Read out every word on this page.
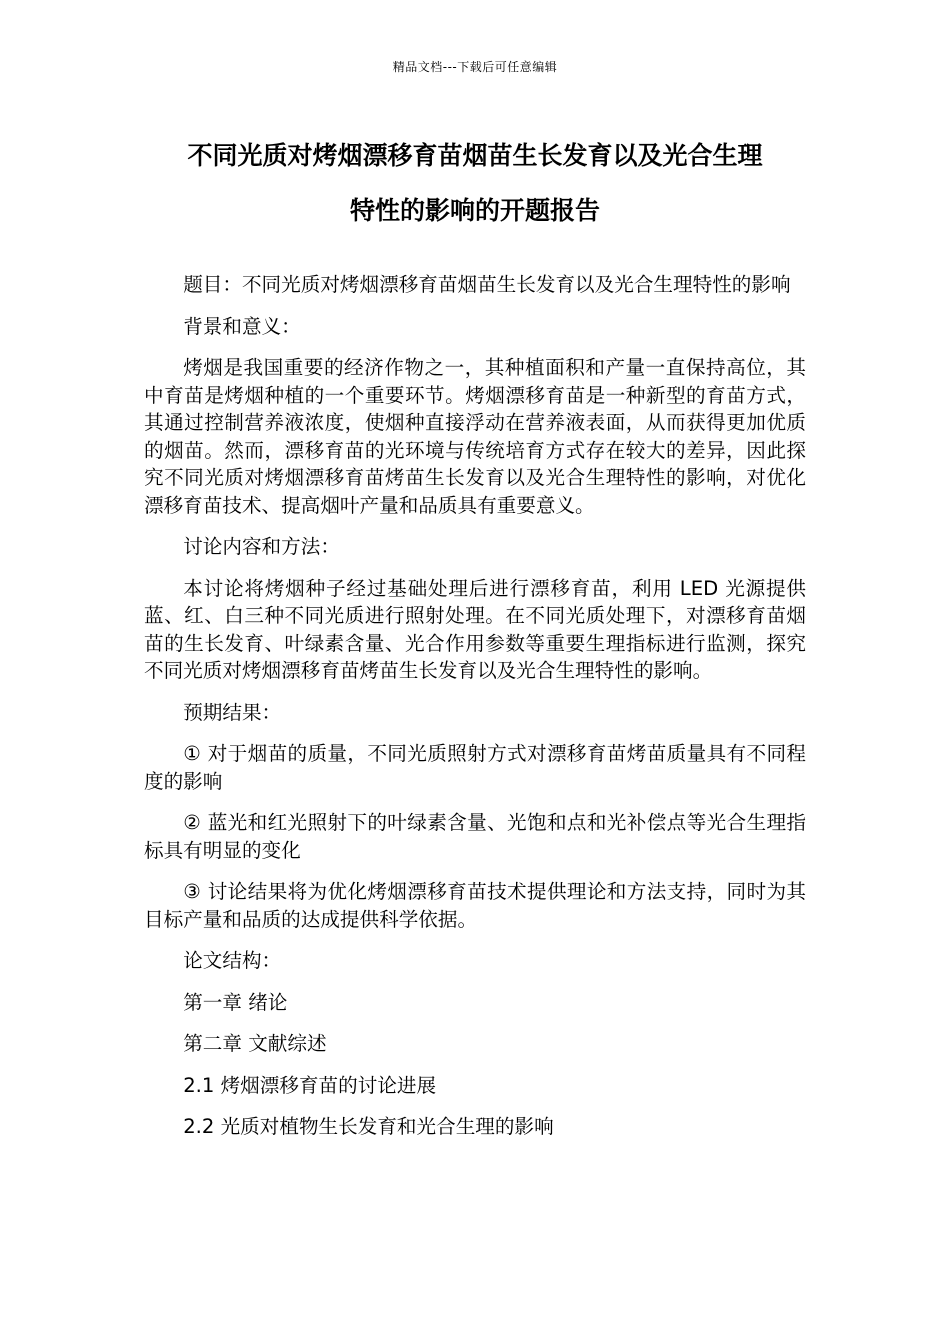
精品文档---下载后可任意编辑
不同光质对烤烟漂移育苗烟苗生长发育以及光合生理
特性的影响的开题报告

题目：不同光质对烤烟漂移育苗烟苗生长发育以及光合生理特性的影响

背景和意义：

烤烟是我国重要的经济作物之一，其种植面积和产量一直保持高位，其中育苗是烤烟种植的一个重要环节。烤烟漂移育苗是一种新型的育苗方式，其通过控制营养液浓度，使烟种直接浮动在营养液表面，从而获得更加优质的烟苗。然而，漂移育苗的光环境与传统培育方式存在较大的差异，因此探究不同光质对烤烟漂移育苗烤苗生长发育以及光合生理特性的影响，对优化漂移育苗技术、提高烟叶产量和品质具有重要意义。

讨论内容和方法：

本讨论将烤烟种子经过基础处理后进行漂移育苗，利用 LED 光源提供蓝、红、白三种不同光质进行照射处理。在不同光质处理下，对漂移育苗烟苗的生长发育、叶绿素含量、光合作用参数等重要生理指标进行监测，探究不同光质对烤烟漂移育苗烤苗生长发育以及光合生理特性的影响。

预期结果：

① 对于烟苗的质量，不同光质照射方式对漂移育苗烤苗质量具有不同程度的影响

② 蓝光和红光照射下的叶绿素含量、光饱和点和光补偿点等光合生理指标具有明显的变化

③ 讨论结果将为优化烤烟漂移育苗技术提供理论和方法支持，同时为其目标产量和品质的达成提供科学依据。

论文结构：

第一章 绪论

第二章 文献综述

2.1 烤烟漂移育苗的讨论进展

2.2 光质对植物生长发育和光合生理的影响
